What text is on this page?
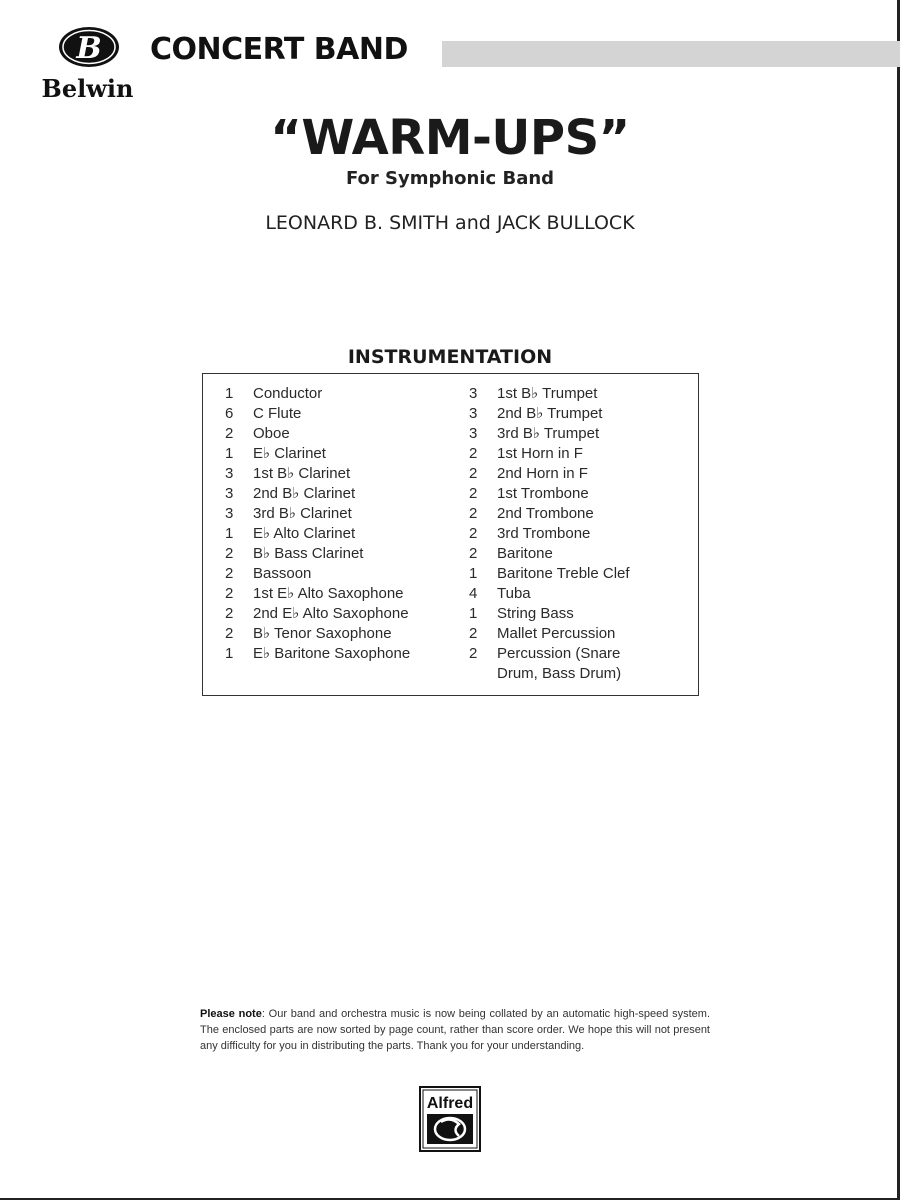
B
Belwin
CONCERT BAND
“WARM-UPS”
For Symphonic Band
LEONARD B. SMITH and JACK BULLOCK
INSTRUMENTATION
1	Conductor
6	C Flute
2	Oboe
1	E♭ Clarinet
3	1st B♭ Clarinet
3	2nd B♭ Clarinet
3	3rd B♭ Clarinet
1	E♭ Alto Clarinet
2	B♭ Bass Clarinet
2	Bassoon
2	1st E♭ Alto Saxophone
2	2nd E♭ Alto Saxophone
2	B♭ Tenor Saxophone
1	E♭ Baritone Saxophone
3	1st B♭ Trumpet
3	2nd B♭ Trumpet
3	3rd B♭ Trumpet
2	1st Horn in F
2	2nd Horn in F
2	1st Trombone
2	2nd Trombone
2	3rd Trombone
2	Baritone
1	Baritone Treble Clef
4	Tuba
1	String Bass
2	Mallet Percussion
2	Percussion (Snare
Drum, Bass Drum)
Please note: Our band and orchestra music is now being collated by an automatic high-speed system. The enclosed parts are now sorted by page count, rather than score order. We hope this will not present any difficulty for you in distributing the parts. Thank you for your understanding.
Alfred
